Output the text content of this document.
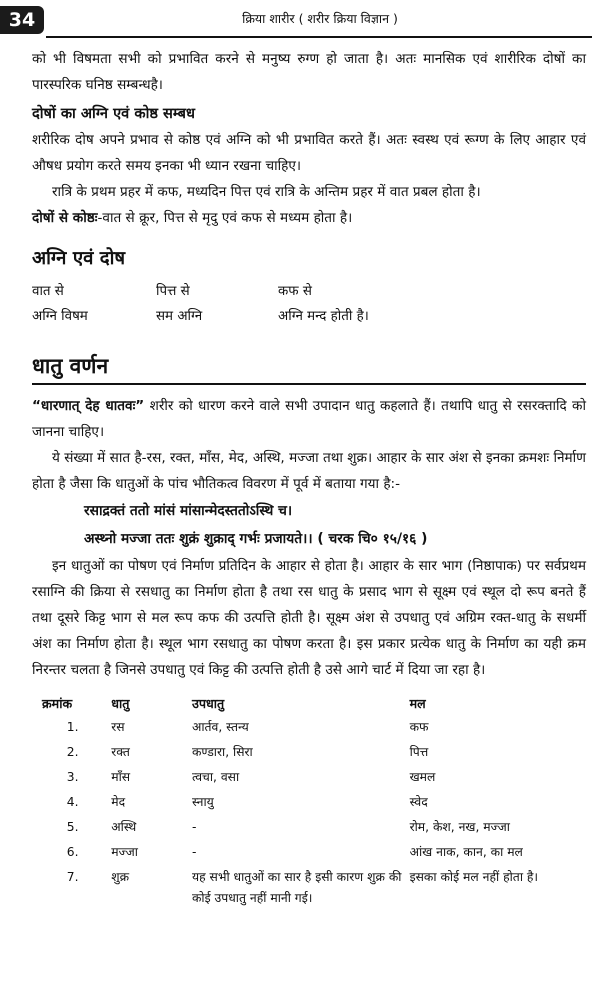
34	क्रिया शारीर ( शरीर क्रिया विज्ञान )

को भी विषमता सभी को प्रभावित करने से मनुष्य रुग्ण हो जाता है। अतः मानसिक एवं शारीरिक दोषों का पारस्परिक घनिष्ठ सम्बन्धहै।

दोषों का अग्नि एवं कोष्ठ सम्बध

शरीरिक दोष अपने प्रभाव से कोष्ठ एवं अग्नि को भी प्रभावित करते हैं। अतः स्वस्थ एवं रूग्ण के लिए आहार एवं औषध प्रयोग करते समय इनका भी ध्यान रखना चाहिए।

रात्रि के प्रथम प्रहर में कफ, मध्यदिन पित्त एवं रात्रि के अन्तिम प्रहर में वात प्रबल होता है।

दोषों से कोष्ठः-वात से क्रूर, पित्त से मृदु एवं कफ से मध्यम होता है।

अग्नि एवं दोष
वात से	पित्त से	कफ से
अग्नि विषम	सम अग्नि	अग्नि मन्द होती है।
धातु वर्णन

“धारणात् देह धातवः” शरीर को धारण करने वाले सभी उपादान धातु कहलाते हैं। तथापि धातु से रसरक्तादि को जानना चाहिए।

ये संख्या में सात है-रस, रक्त, माँस, मेद, अस्थि, मज्जा तथा शुक्र। आहार के सार अंश से इनका क्रमशः निर्माण होता है जैसा कि धातुओं के पांच भौतिकत्व विवरण में पूर्व में बताया गया है:-

रसाद्रक्तं ततो मांसं मांसान्मेदस्ततोऽस्थि च।
अस्थ्नो मज्जा ततः शुक्रं शुक्राद् गर्भः प्रजायते।। ( चरक चि० १५/१६ )

इन धातुओं का पोषण एवं निर्माण प्रतिदिन के आहार से होता है। आहार के सार भाग (निष्ठापाक) पर सर्वप्रथम रसाग्नि की क्रिया से रसधातु का निर्माण होता है तथा रस धातु के प्रसाद भाग से सूक्ष्म एवं स्थूल दो रूप बनते हैं तथा दूसरे किट्ट भाग से मल रूप कफ की उत्पत्ति होती है। सूक्ष्म अंश से उपधातु एवं अग्रिम रक्त-धातु के सधर्मी अंश का निर्माण होता है। स्थूल भाग रसधातु का पोषण करता है। इस प्रकार प्रत्येक धातु के निर्माण का यही क्रम निरन्तर चलता है जिनसे उपधातु एवं किट्ट की उत्पत्ति होती है उसे आगे चार्ट में दिया जा रहा है।

क्रमांक	धातु	उपधातु	मल
1.	रस	आर्तव, स्तन्य	कफ
2.	रक्त	कण्डारा, सिरा	पित्त
3.	माँस	त्वचा, वसा	खमल
4.	मेद	स्नायु	स्वेद
5.	अस्थि	-	रोम, केश, नख, मज्जा
6.	मज्जा	-	आंख नाक, कान, का मल
7.	शुक्र	यह सभी धातुओं का सार है इसी कारण शुक्र की कोई उपधातु नहीं मानी गई।	इसका कोई मल नहीं होता है।
